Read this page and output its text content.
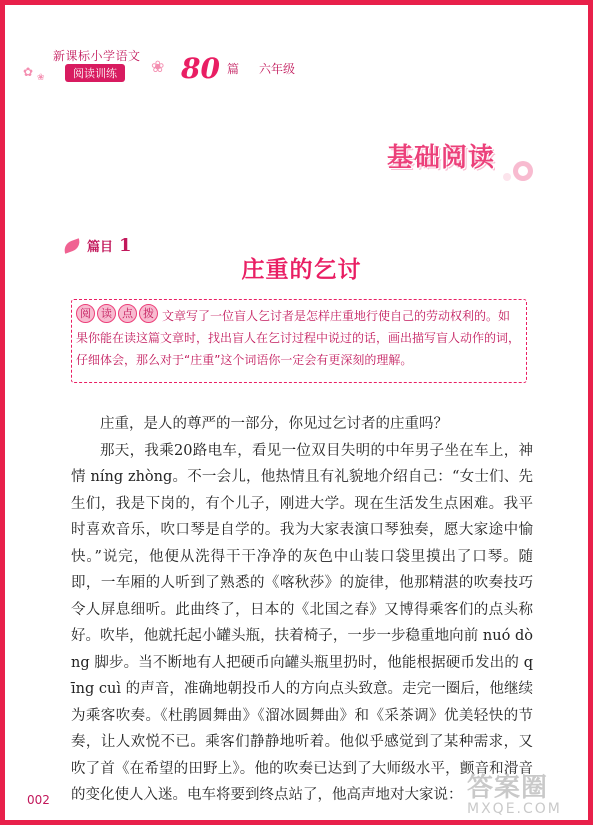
✿ ❀
新课标小学语文
阅读训练	❀ 80 篇 六年级
基础阅读
篇目 1
庄重的乞讨
文章写了一位盲人乞讨者是怎样庄重地行使自己的劳动权利的。如果你能在读这篇文章时，找出盲人在乞讨过程中说过的话，画出描写盲人动作的词，仔细体会，那么对于“庄重”这个词语你一定会有更深刻的理解。
阅 读 点 拨

庄重，是人的尊严的一部分，你见过乞讨者的庄重吗？

那天，我乘20路电车，看见一位双目失明的中年男子坐在车上，神情 níng zhòng。不一会儿，他热情且有礼貌地介绍自己：“女士们、先生们，我是下岗的，有个儿子，刚进大学。现在生活发生点困难。我平时喜欢音乐，吹口琴是自学的。我为大家表演口琴独奏，愿大家途中愉快。”说完，他便从洗得干干净净的灰色中山装口袋里摸出了口琴。随即，一车厢的人听到了熟悉的《喀秋莎》的旋律，他那精湛的吹奏技巧令人屏息细听。此曲终了，日本的《北国之春》又博得乘客们的点头称好。吹毕，他就托起小罐头瓶，扶着椅子，一步一步稳重地向前 nuó dòng 脚步。当不断地有人把硬币向罐头瓶里扔时，他能根据硬币发出的 qīng cuì 的声音，准确地朝投币人的方向点头致意。走完一圈后，他继续为乘客吹奏。《杜鹃圆舞曲》《溜冰圆舞曲》和《采茶调》优美轻快的节奏，让人欢悦不已。乘客们静静地听着。他似乎感觉到了某种需求，又吹了首《在希望的田野上》。他的吹奏已达到了大师级水平，颤音和滑音的变化使人入迷。电车将要到终点站了，他高声地对大家说：

002	答案圈
MXQE.COM
